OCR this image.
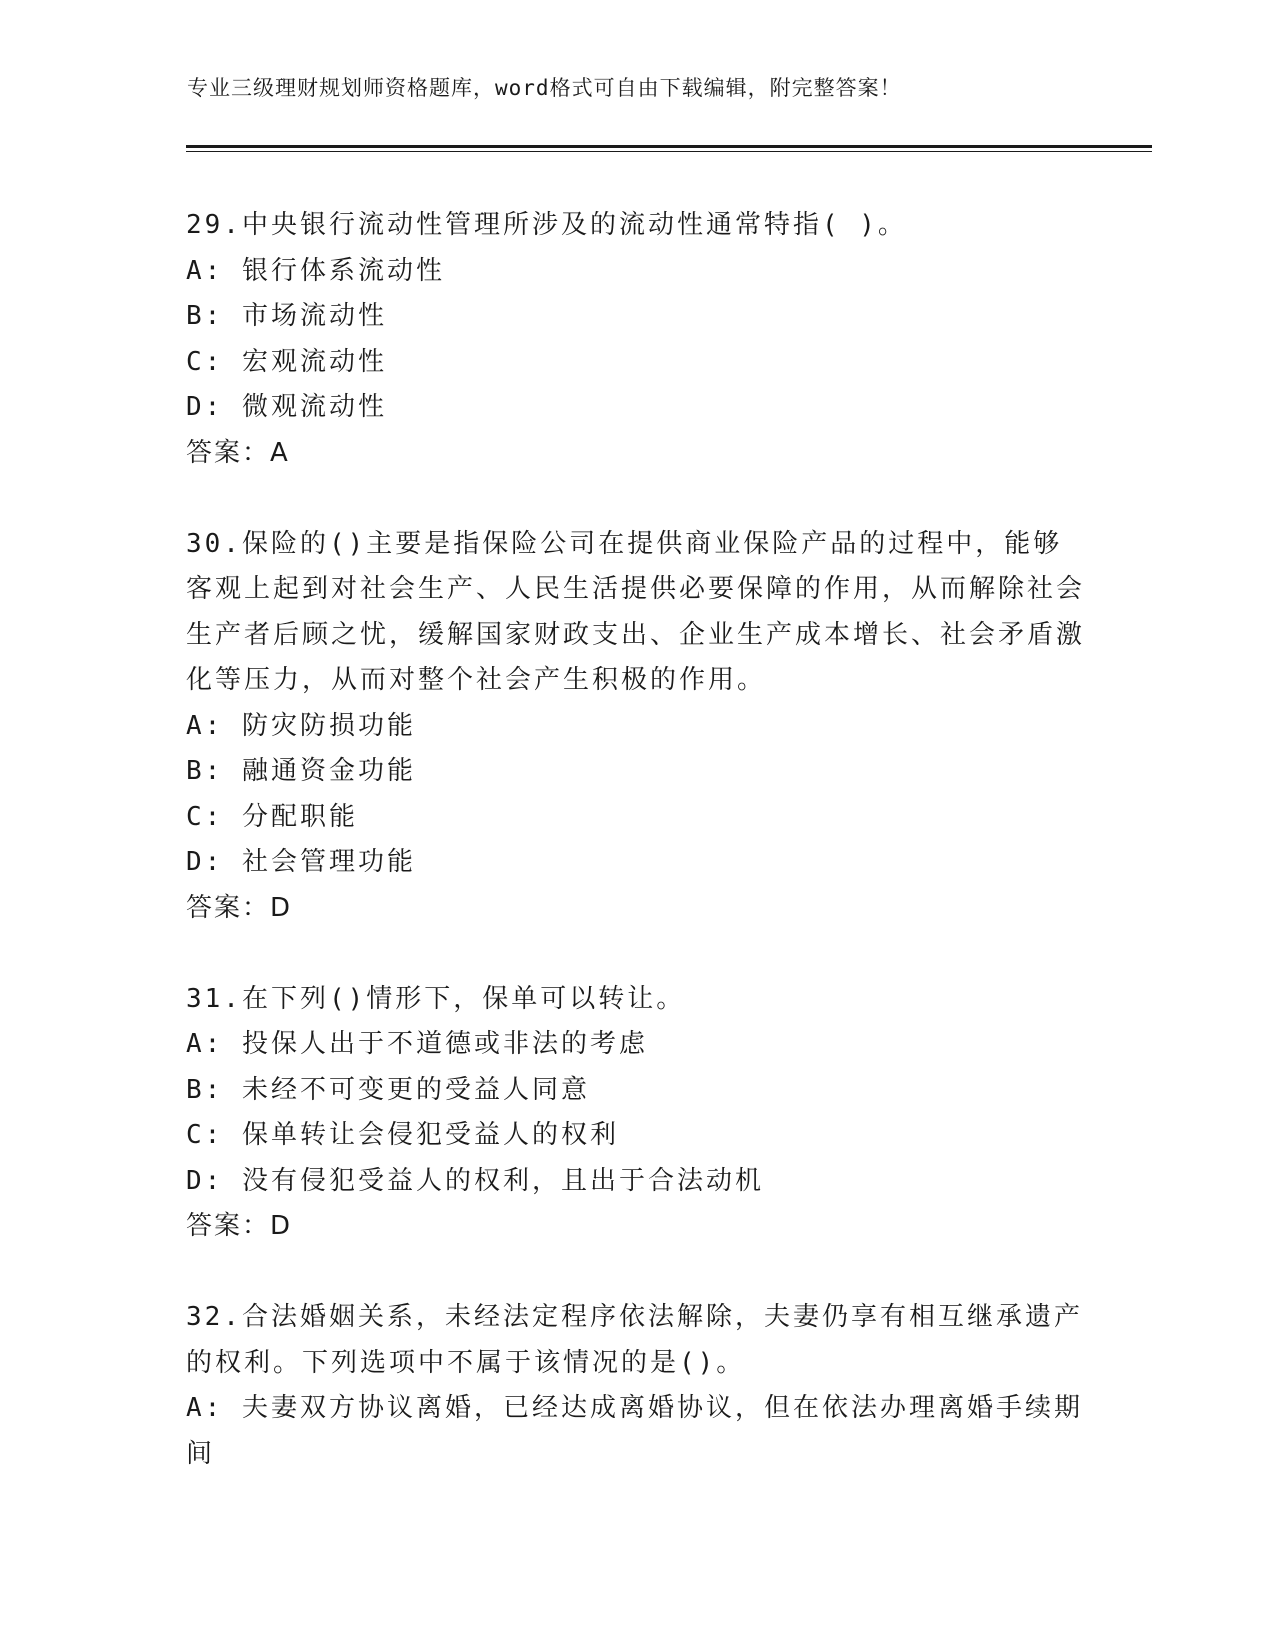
专业三级理财规划师资格题库，word格式可自由下载编辑，附完整答案！
29.中央银行流动性管理所涉及的流动性通常特指( )。
A: 银行体系流动性
B: 市场流动性
C: 宏观流动性
D: 微观流动性
答案：A
30.保险的()主要是指保险公司在提供商业保险产品的过程中，能够客观上起到对社会生产、人民生活提供必要保障的作用，从而解除社会生产者后顾之忧，缓解国家财政支出、企业生产成本增长、社会矛盾激化等压力，从而对整个社会产生积极的作用。
A: 防灾防损功能
B: 融通资金功能
C: 分配职能
D: 社会管理功能
答案：D
31.在下列()情形下，保单可以转让。
A: 投保人出于不道德或非法的考虑
B: 未经不可变更的受益人同意
C: 保单转让会侵犯受益人的权利
D: 没有侵犯受益人的权利，且出于合法动机
答案：D
32.合法婚姻关系，未经法定程序依法解除，夫妻仍享有相互继承遗产的权利。下列选项中不属于该情况的是()。
A: 夫妻双方协议离婚，已经达成离婚协议，但在依法办理离婚手续期间
